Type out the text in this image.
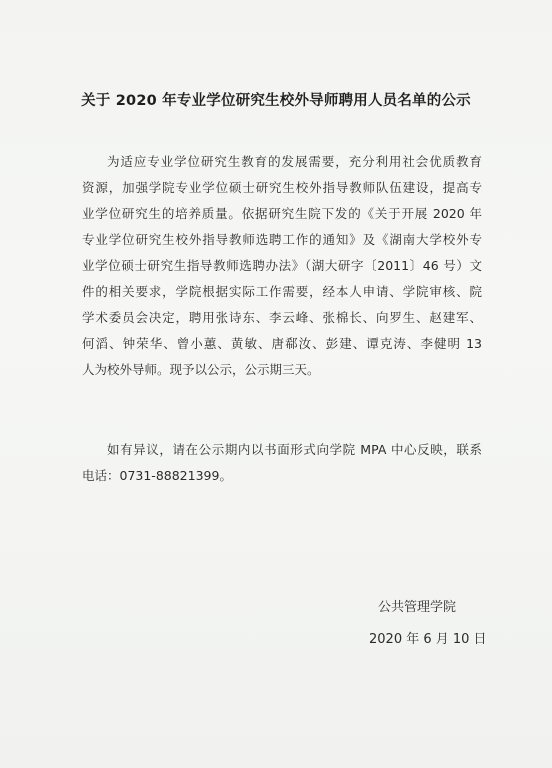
关于 2020 年专业学位研究生校外导师聘用人员名单的公示
为适应专业学位研究生教育的发展需要，充分利用社会优质教育
资源，加强学院专业学位硕士研究生校外指导教师队伍建设，提高专
业学位研究生的培养质量。依据研究生院下发的《关于开展 2020 年
专业学位研究生校外指导教师选聘工作的通知》及《湖南大学校外专
业学位硕士研究生指导教师选聘办法》（湖大研字〔2011〕46 号）文
件的相关要求，学院根据实际工作需要，经本人申请、学院审核、院
学术委员会决定，聘用张诗东、李云峰、张棉长、向罗生、赵建军、
何滔、钟荣华、曾小蕙、黄敏、唐郗汝、彭建、谭克涛、李健明 13
人为校外导师。现予以公示，公示期三天。
如有异议，请在公示期内以书面形式向学院 MPA 中心反映，联系
电话：0731-88821399。
公共管理学院
2020 年 6 月 10 日
